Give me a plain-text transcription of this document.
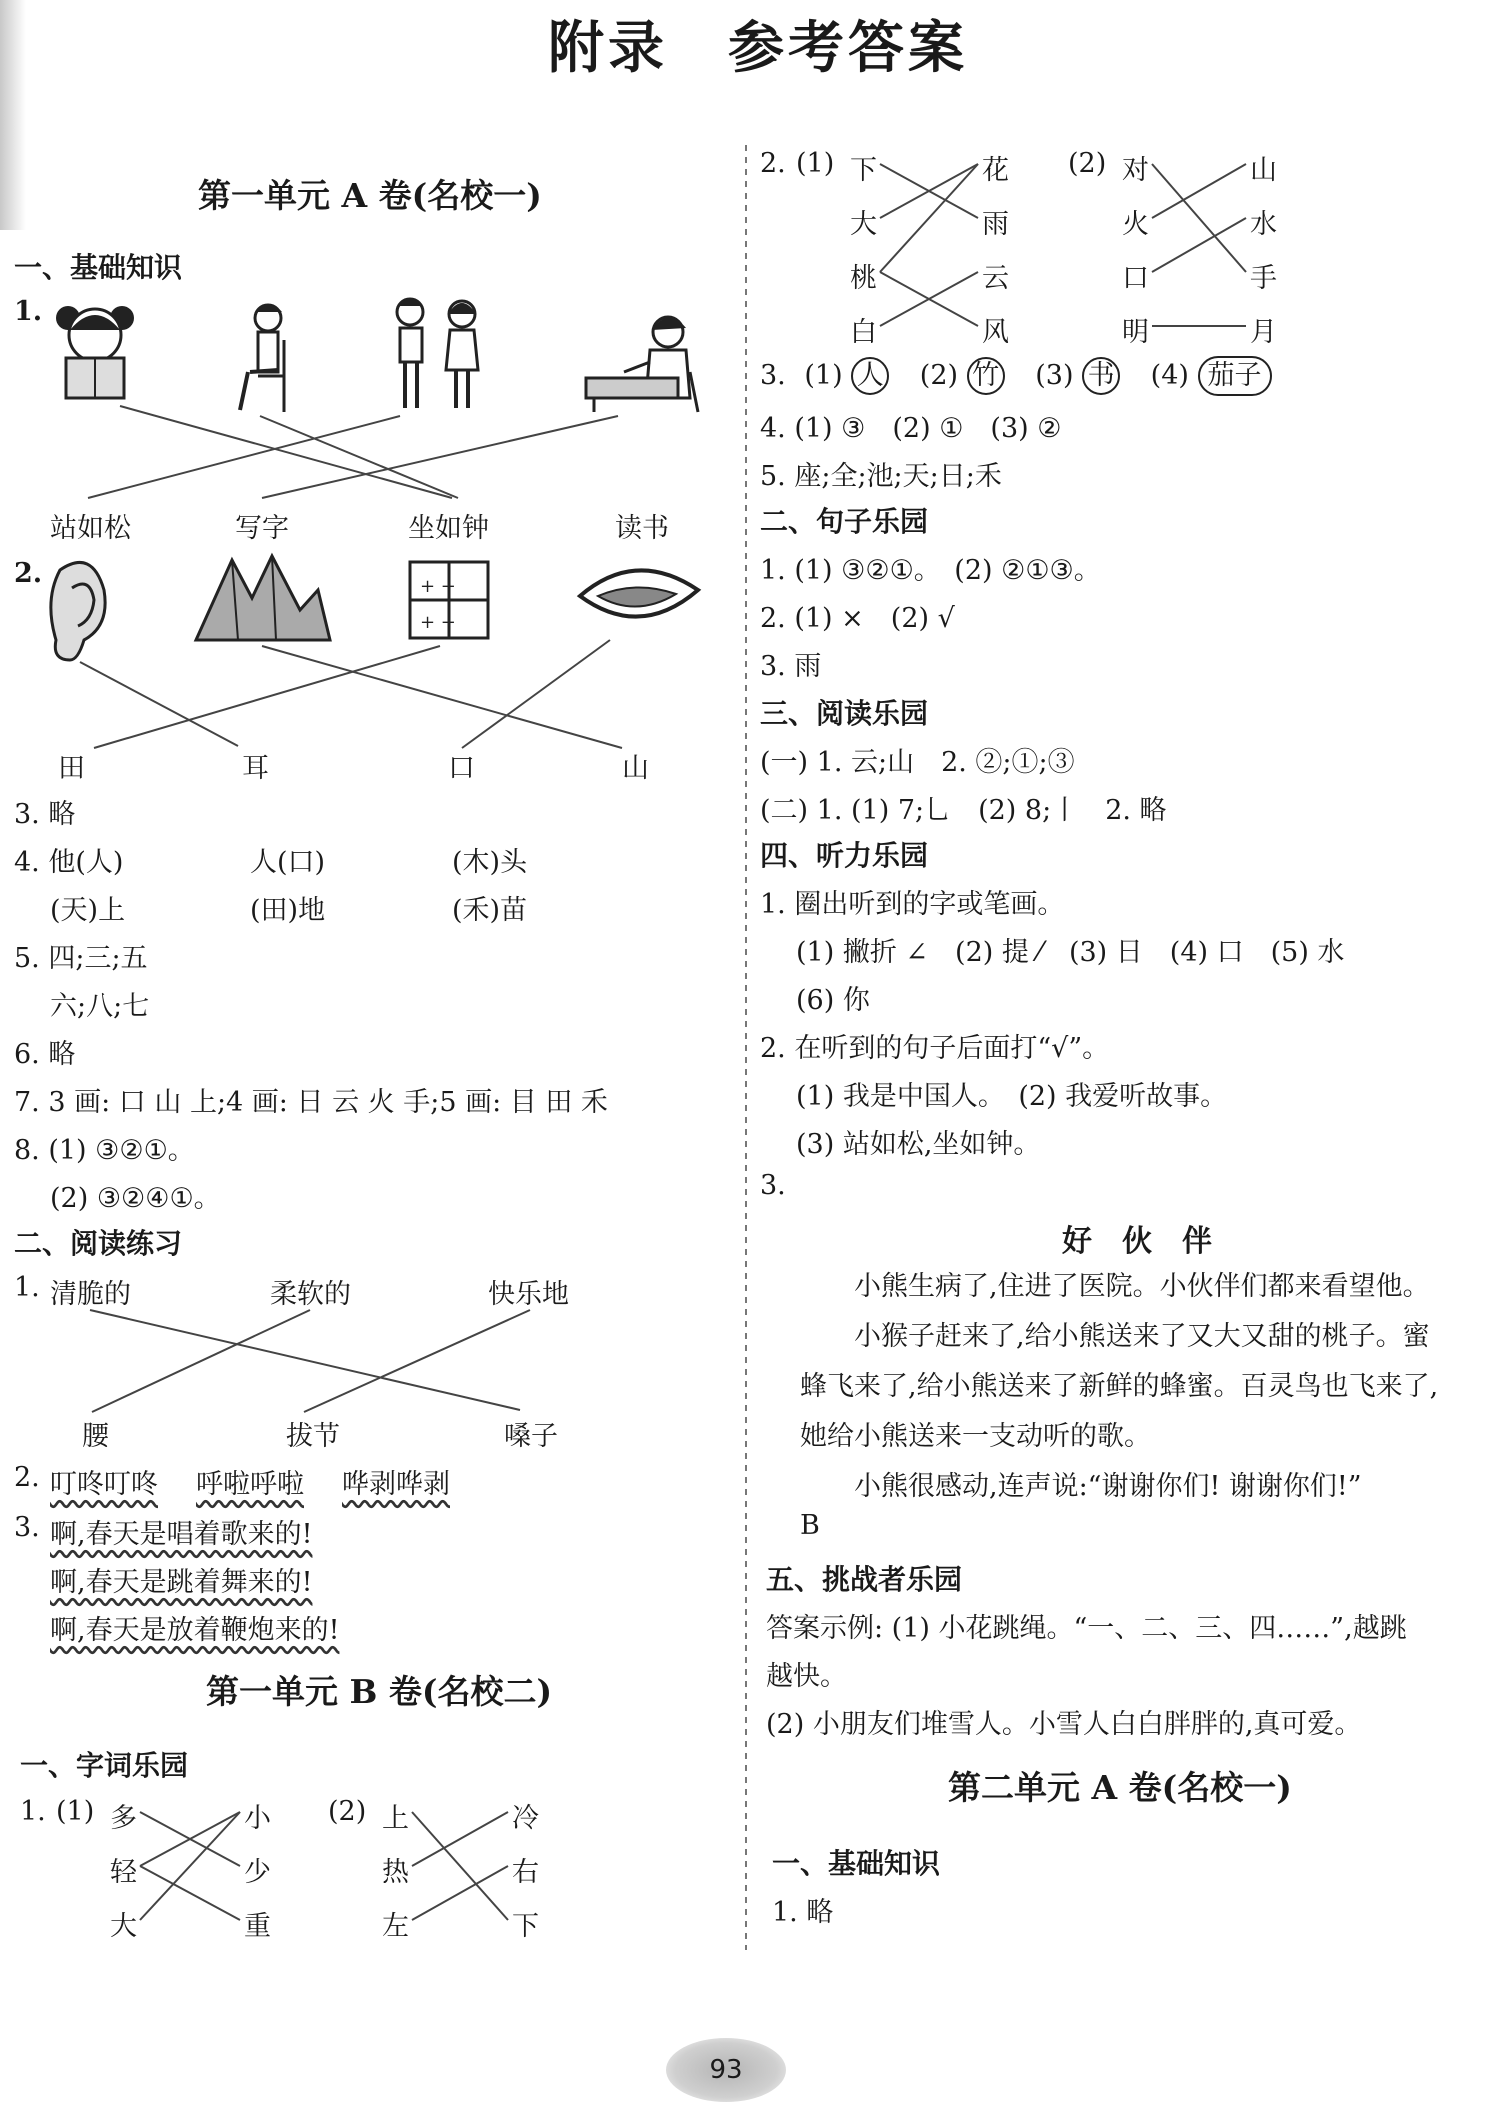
附录　参考答案
第一单元 A 卷(名校一)
一、基础知识
1.
站如松	写字	坐如钟	读书
2.	+ +
+ +
田	耳	口	山
3. 略
4. 他(人)	人(口)	(木)头
(天)上	(田)地	(禾)苗
5. 四;三;五
六;八;七
6. 略
7. 3 画: 口 山 上;4 画: 日 云 火 手;5 画: 目 田 禾
8. (1) ③②①。
(2) ③②④①。
二、阅读练习
1. 清脆的	柔软的	快乐地
腰	拔节	嗓子
2. 叮咚叮咚 呼啦呼啦 哗剥哗剥
3. 啊,春天是唱着歌来的!
啊,春天是跳着舞来的!
啊,春天是放着鞭炮来的!
第一单元 B 卷(名校二)
一、字词乐园
1. (1) 多
轻
大
小
少
重
(2) 上
热
左
冷
右
下
2. (1) 下
大
桃
白
花
雨
云
风
(2) 对
火
口
明
山
水
手
月
3. (1) 人 (2) 竹 (3) 书 (4) 茄子
4. (1) ③　(2) ①　(3) ②
5. 座;全;池;天;日;禾
二、句子乐园
1. (1) ③②①。　(2) ②①③。
2. (1) ×　(2) √
3. 雨
三、阅读乐园
(一) 1. 云;山　2. ②;①;③
(二) 1. (1) 7;乚　(2) 8;丨　2. 略
四、听力乐园
1. 圈出听到的字或笔画。
(1) 撇折 ∠　(2) 提 ⁄　(3) 日　(4) 口　(5) 水
(6) 你
2. 在听到的句子后面打“√”。
(1) 我是中国人。　(2) 我爱听故事。
(3) 站如松,坐如钟。
3.
好　伙　伴
小熊生病了,住进了医院。小伙伴们都来看望他。
小猴子赶来了,给小熊送来了又大又甜的桃子。蜜蜂飞来了,给小熊送来了新鲜的蜂蜜。百灵鸟也飞来了,她给小熊送来一支动听的歌。
小熊很感动,连声说:“谢谢你们! 谢谢你们!”
B
五、挑战者乐园
答案示例: (1) 小花跳绳。“一、二、三、四……”,越跳
越快。
(2) 小朋友们堆雪人。小雪人白白胖胖的,真可爱。
第二单元 A 卷(名校一)
一、基础知识
1. 略
93
